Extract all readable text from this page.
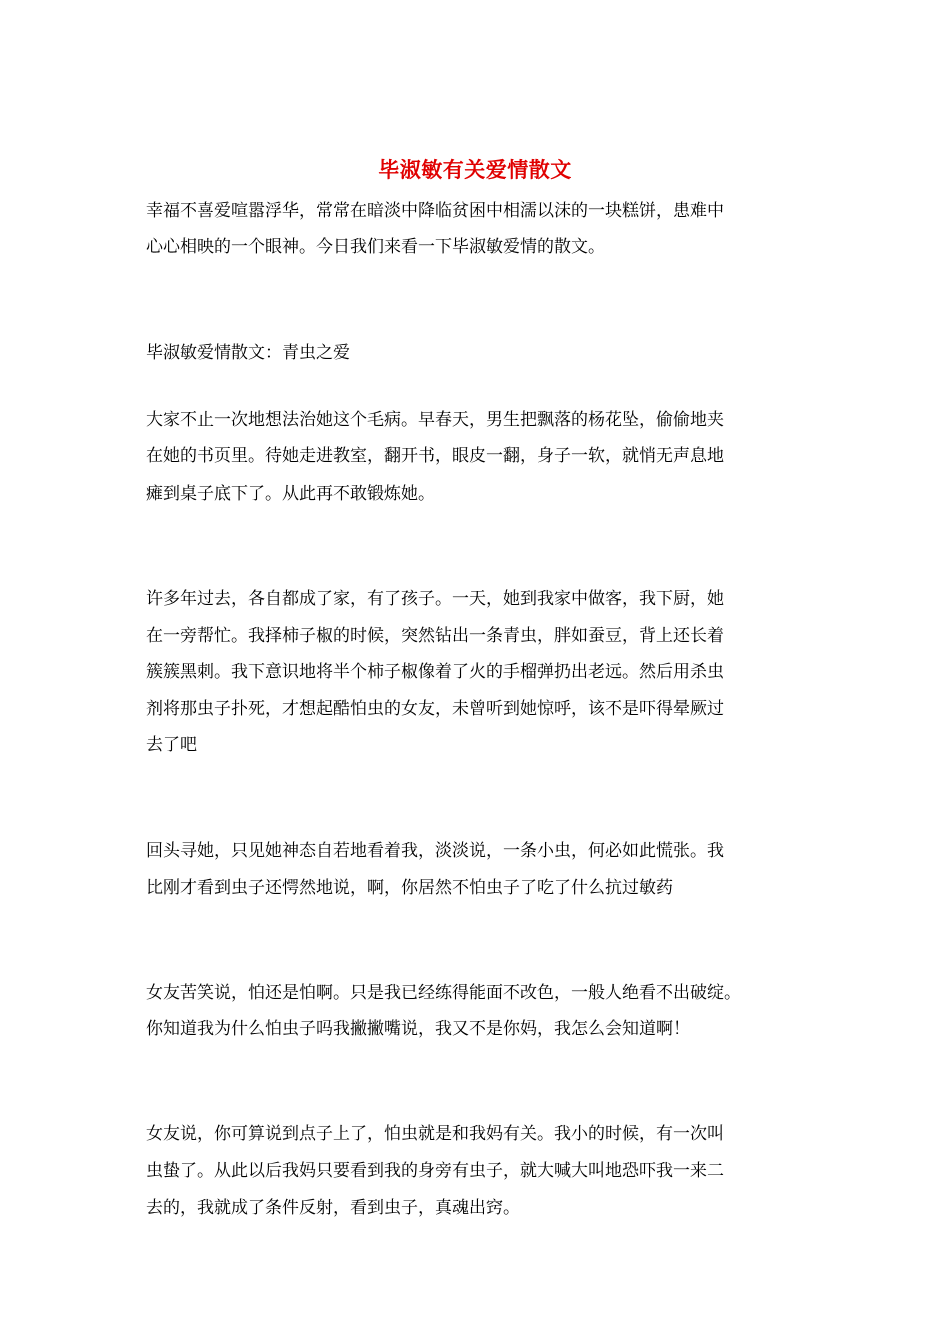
毕淑敏有关爱情散文
幸福不喜爱喧嚣浮华，常常在暗淡中降临贫困中相濡以沫的一块糕饼，患难中
心心相映的一个眼神。今日我们来看一下毕淑敏爱情的散文。
毕淑敏爱情散文：青虫之爱
大家不止一次地想法治她这个毛病。早春天，男生把飘落的杨花坠，偷偷地夹
在她的书页里。待她走进教室，翻开书，眼皮一翻，身子一软，就悄无声息地
瘫到桌子底下了。从此再不敢锻炼她。
许多年过去，各自都成了家，有了孩子。一天，她到我家中做客，我下厨，她
在一旁帮忙。我择柿子椒的时候，突然钻出一条青虫，胖如蚕豆，背上还长着
簇簇黑刺。我下意识地将半个柿子椒像着了火的手榴弹扔出老远。然后用杀虫
剂将那虫子扑死，才想起酷怕虫的女友，未曾听到她惊呼，该不是吓得晕厥过
去了吧
回头寻她，只见她神态自若地看着我，淡淡说，一条小虫，何必如此慌张。我
比刚才看到虫子还愕然地说，啊，你居然不怕虫子了吃了什么抗过敏药
女友苦笑说，怕还是怕啊。只是我已经练得能面不改色，一般人绝看不出破绽。
你知道我为什么怕虫子吗我撇撇嘴说，我又不是你妈，我怎么会知道啊！
女友说，你可算说到点子上了，怕虫就是和我妈有关。我小的时候，有一次叫
虫蛰了。从此以后我妈只要看到我的身旁有虫子，就大喊大叫地恐吓我一来二
去的，我就成了条件反射，看到虫子，真魂出窍。
